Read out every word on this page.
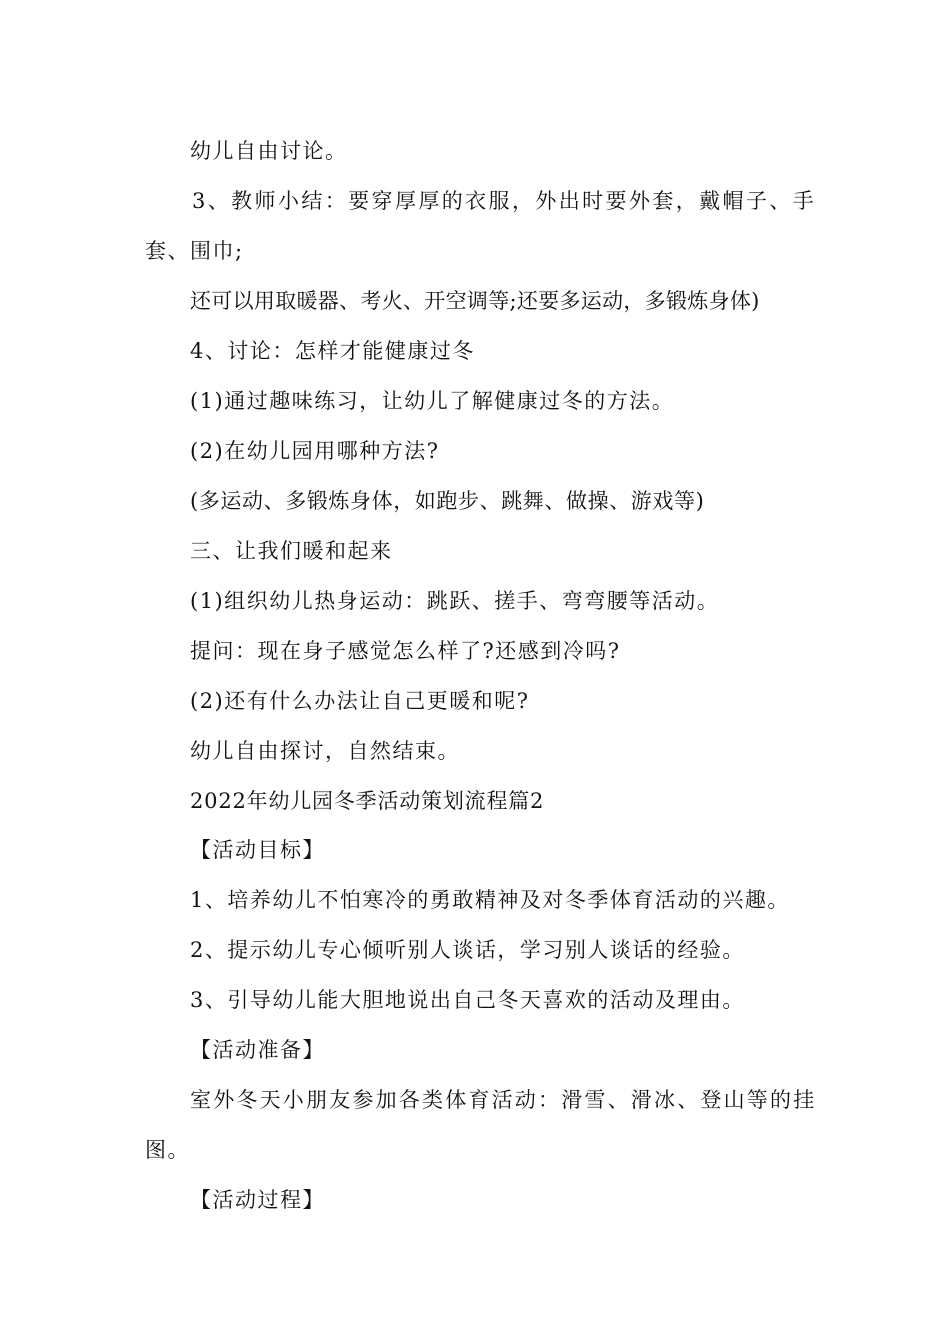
幼儿自由讨论。
3、教师小结：要穿厚厚的衣服，外出时要外套，戴帽子、手
套、围巾;
还可以用取暖器、考火、开空调等;还要多运动，多锻炼身体)
4、讨论：怎样才能健康过冬
(1)通过趣味练习，让幼儿了解健康过冬的方法。
(2)在幼儿园用哪种方法?
(多运动、多锻炼身体，如跑步、跳舞、做操、游戏等)
三、让我们暖和起来
(1)组织幼儿热身运动：跳跃、搓手、弯弯腰等活动。
提问：现在身子感觉怎么样了?还感到冷吗?
(2)还有什么办法让自己更暖和呢?
幼儿自由探讨，自然结束。
2022年幼儿园冬季活动策划流程篇2
【活动目标】
1、培养幼儿不怕寒冷的勇敢精神及对冬季体育活动的兴趣。
2、提示幼儿专心倾听别人谈话，学习别人谈话的经验。
3、引导幼儿能大胆地说出自己冬天喜欢的活动及理由。
【活动准备】
室外冬天小朋友参加各类体育活动：滑雪、滑冰、登山等的挂
图。
【活动过程】
